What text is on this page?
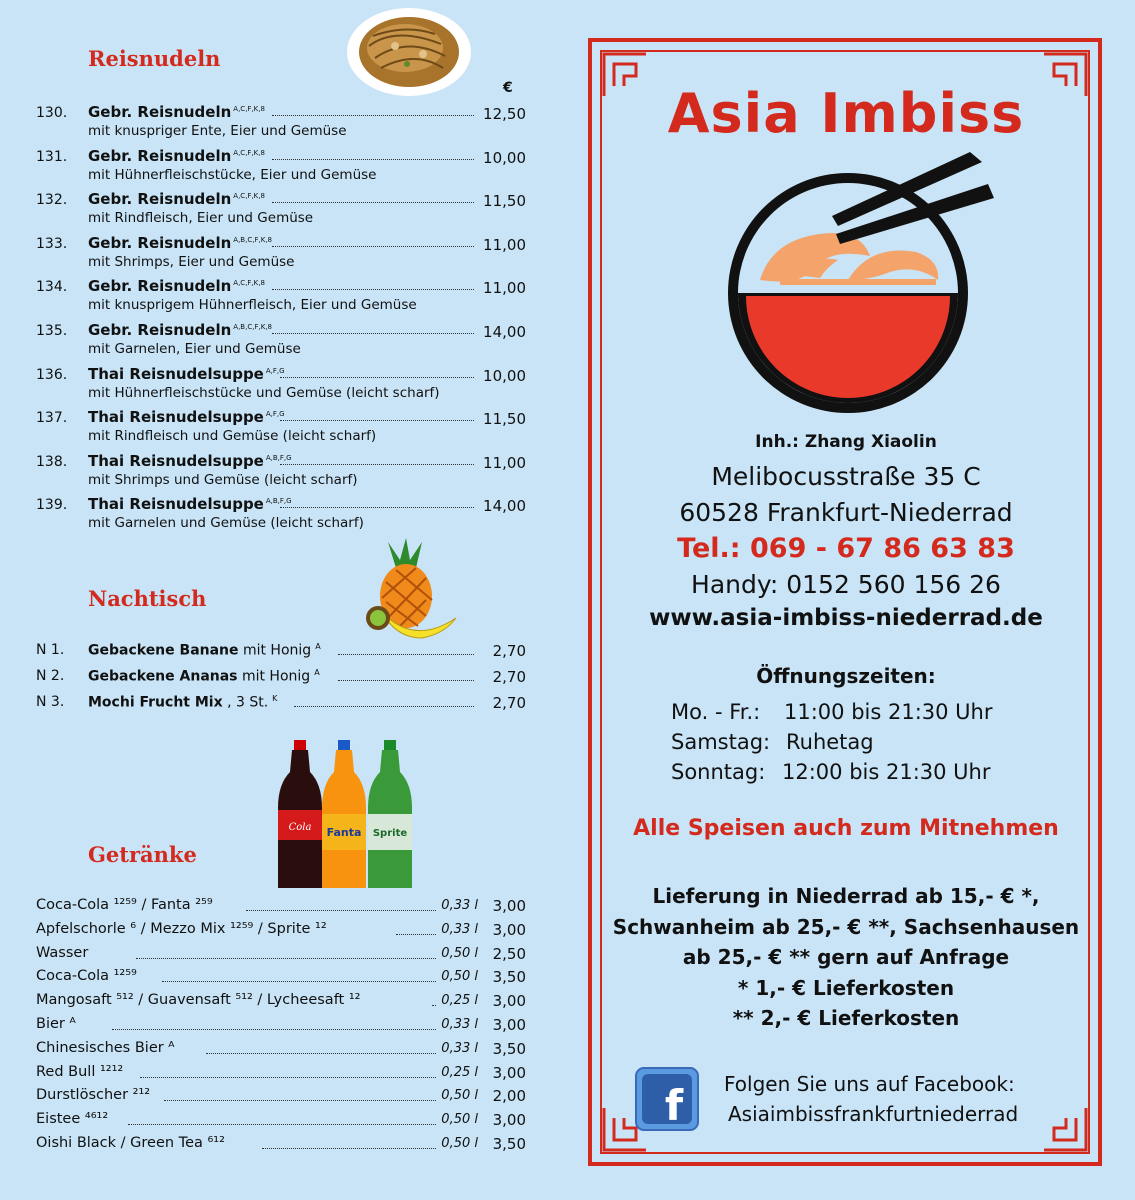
Reisnudeln
€
130.	Gebr. Reisnudeln $^{A,C,F,K,8}$	12,50
mit knuspriger Ente, Eier und Gemüse
131.	Gebr. Reisnudeln $^{A,C,F,K,8}$	10,00
mit Hühnerfleischstücke, Eier und Gemüse
132.	Gebr. Reisnudeln $^{A,C,F,K,8}$	11,50
mit Rindfleisch, Eier und Gemüse
133.	Gebr. Reisnudeln $^{A,B,C,F,K,8}$	11,00
mit Shrimps, Eier und Gemüse
134.	Gebr. Reisnudeln $^{A,C,F,K,8}$	11,00
mit knusprigem Hühnerfleisch, Eier und Gemüse
135.	Gebr. Reisnudeln $^{A,B,C,F,K,8}$	14,00
mit Garnelen, Eier und Gemüse
136.	Thai Reisnudelsuppe $^{A,F,G}$	10,00
mit Hühnerfleischstücke und Gemüse (leicht scharf)
137.	Thai Reisnudelsuppe $^{A,F,G}$	11,50
mit Rindfleisch und Gemüse (leicht scharf)
138.	Thai Reisnudelsuppe $^{A,B,F,G}$	11,00
mit Shrimps und Gemüse (leicht scharf)
139.	Thai Reisnudelsuppe $^{A,B,F,G}$	14,00
mit Garnelen und Gemüse (leicht scharf)
Nachtisch
N 1. Gebackene Banane mit Honig $^A$	2,70
N 2. Gebackene Ananas mit Honig $^A$	2,70
N 3. Mochi Frucht Mix , 3 St. $^K$	2,70
Cola Fanta Sprite
Getränke
Coca-Cola ¹²⁵⁹ / Fanta ²⁵⁹	0,33 l 3,00
Apfelschorle ⁶ / Mezzo Mix ¹²⁵⁹ / Sprite ¹²	0,33 l 3,00
Wasser	0,50 l 2,50
Coca-Cola ¹²⁵⁹	0,50 l 3,50
Mangosaft ⁵¹² / Guavensaft ⁵¹² / Lycheesaft ¹²	0,25 l 3,00
Bier ᴬ	0,33 l 3,00
Chinesisches Bier ᴬ	0,33 l 3,50
Red Bull ¹²¹²	0,25 l 3,00
Durstlöscher ²¹²	0,50 l 2,00
Eistee ⁴⁶¹²	0,50 l 3,00
Oishi Black / Green Tea ⁶¹²	0,50 l 3,50
Asia Imbiss
Inh.: Zhang Xiaolin
Melibocusstraße 35 C
60528 Frankfurt-Niederrad
Tel.: 069 - 67 86 63 83
Handy: 0152 560 156 26
www.asia-imbiss-niederrad.de
Öffnungszeiten:
Mo. - Fr.: 11:00 bis 21:30 Uhr
Samstag: Ruhetag
Sonntag: 12:00 bis 21:30 Uhr
Alle Speisen auch zum Mitnehmen
Lieferung in Niederrad ab 15,- € *,
Schwanheim ab 25,- € **, Sachsenhausen
ab 25,- € ** gern auf Anfrage
* 1,- € Lieferkosten
** 2,- € Lieferkosten
f Folgen Sie uns auf Facebook:
Asiaimbissfrankfurtniederrad
